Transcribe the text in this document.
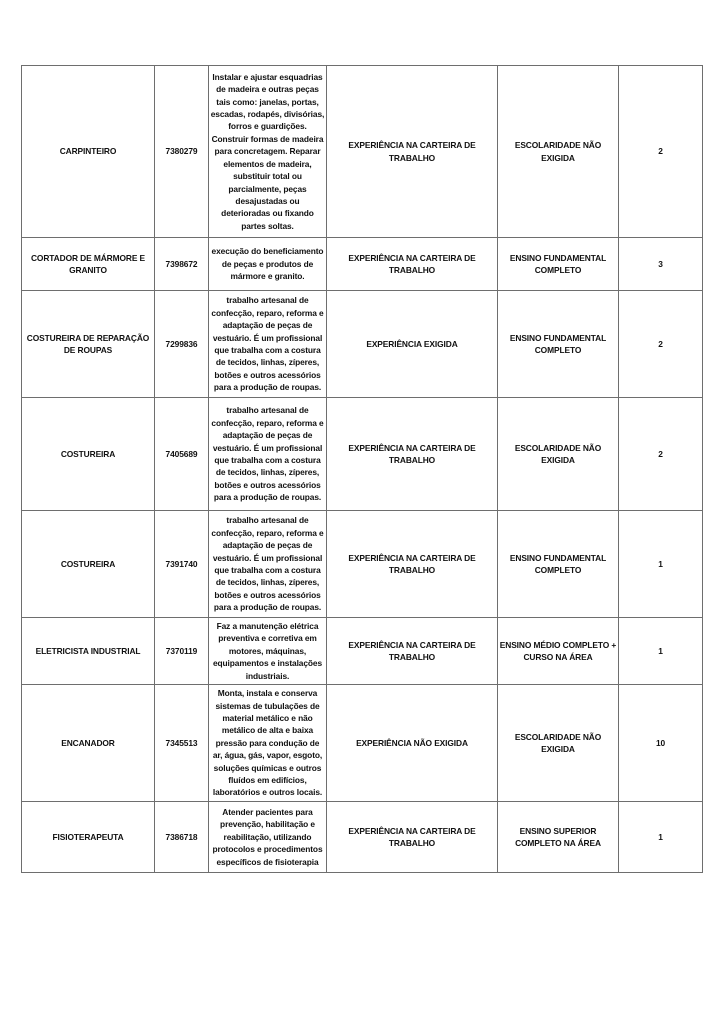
CARPINTEIRO	7380279	Instalar e ajustar esquadrias de madeira e outras peças tais como: janelas, portas, escadas, rodapés, divisórias, forros e guardições. Construir formas de madeira para concretagem. Reparar elementos de madeira, substituir total ou parcialmente, peças desajustadas ou deterioradas ou fixando partes soltas.	EXPERIÊNCIA NA CARTEIRA DE TRABALHO	ESCOLARIDADE NÃO EXIGIDA	2
CORTADOR DE MÁRMORE E GRANITO	7398672	execução do beneficiamento de peças e produtos de mármore e granito.	EXPERIÊNCIA NA CARTEIRA DE TRABALHO	ENSINO FUNDAMENTAL COMPLETO	3
COSTUREIRA DE REPARAÇÃO DE ROUPAS	7299836	trabalho artesanal de confecção, reparo, reforma e adaptação de peças de vestuário. É um profissional que trabalha com a costura de tecidos, linhas, zíperes, botões e outros acessórios para a produção de roupas.	EXPERIÊNCIA EXIGIDA	ENSINO FUNDAMENTAL COMPLETO	2
COSTUREIRA	7405689	trabalho artesanal de confecção, reparo, reforma e adaptação de peças de vestuário. É um profissional que trabalha com a costura de tecidos, linhas, zíperes, botões e outros acessórios para a produção de roupas.	EXPERIÊNCIA NA CARTEIRA DE TRABALHO	ESCOLARIDADE NÃO EXIGIDA	2
COSTUREIRA	7391740	trabalho artesanal de confecção, reparo, reforma e adaptação de peças de vestuário. É um profissional que trabalha com a costura de tecidos, linhas, zíperes, botões e outros acessórios para a produção de roupas.	EXPERIÊNCIA NA CARTEIRA DE TRABALHO	ENSINO FUNDAMENTAL COMPLETO	1
ELETRICISTA INDUSTRIAL	7370119	Faz a manutenção elétrica preventiva e corretiva em motores, máquinas, equipamentos e instalações industriais.	EXPERIÊNCIA NA CARTEIRA DE TRABALHO	ENSINO MÉDIO COMPLETO + CURSO NA ÁREA	1
ENCANADOR	7345513	Monta, instala e conserva sistemas de tubulações de material metálico e não metálico de alta e baixa pressão para condução de ar, água, gás, vapor, esgoto, soluções químicas e outros fluídos em edifícios, laboratórios e outros locais.	EXPERIÊNCIA NÃO EXIGIDA	ESCOLARIDADE NÃO EXIGIDA	10
FISIOTERAPEUTA	7386718	Atender pacientes para prevenção, habilitação e reabilitação, utilizando protocolos e procedimentos específicos de fisioterapia	EXPERIÊNCIA NA CARTEIRA DE TRABALHO	ENSINO SUPERIOR COMPLETO NA ÁREA	1
